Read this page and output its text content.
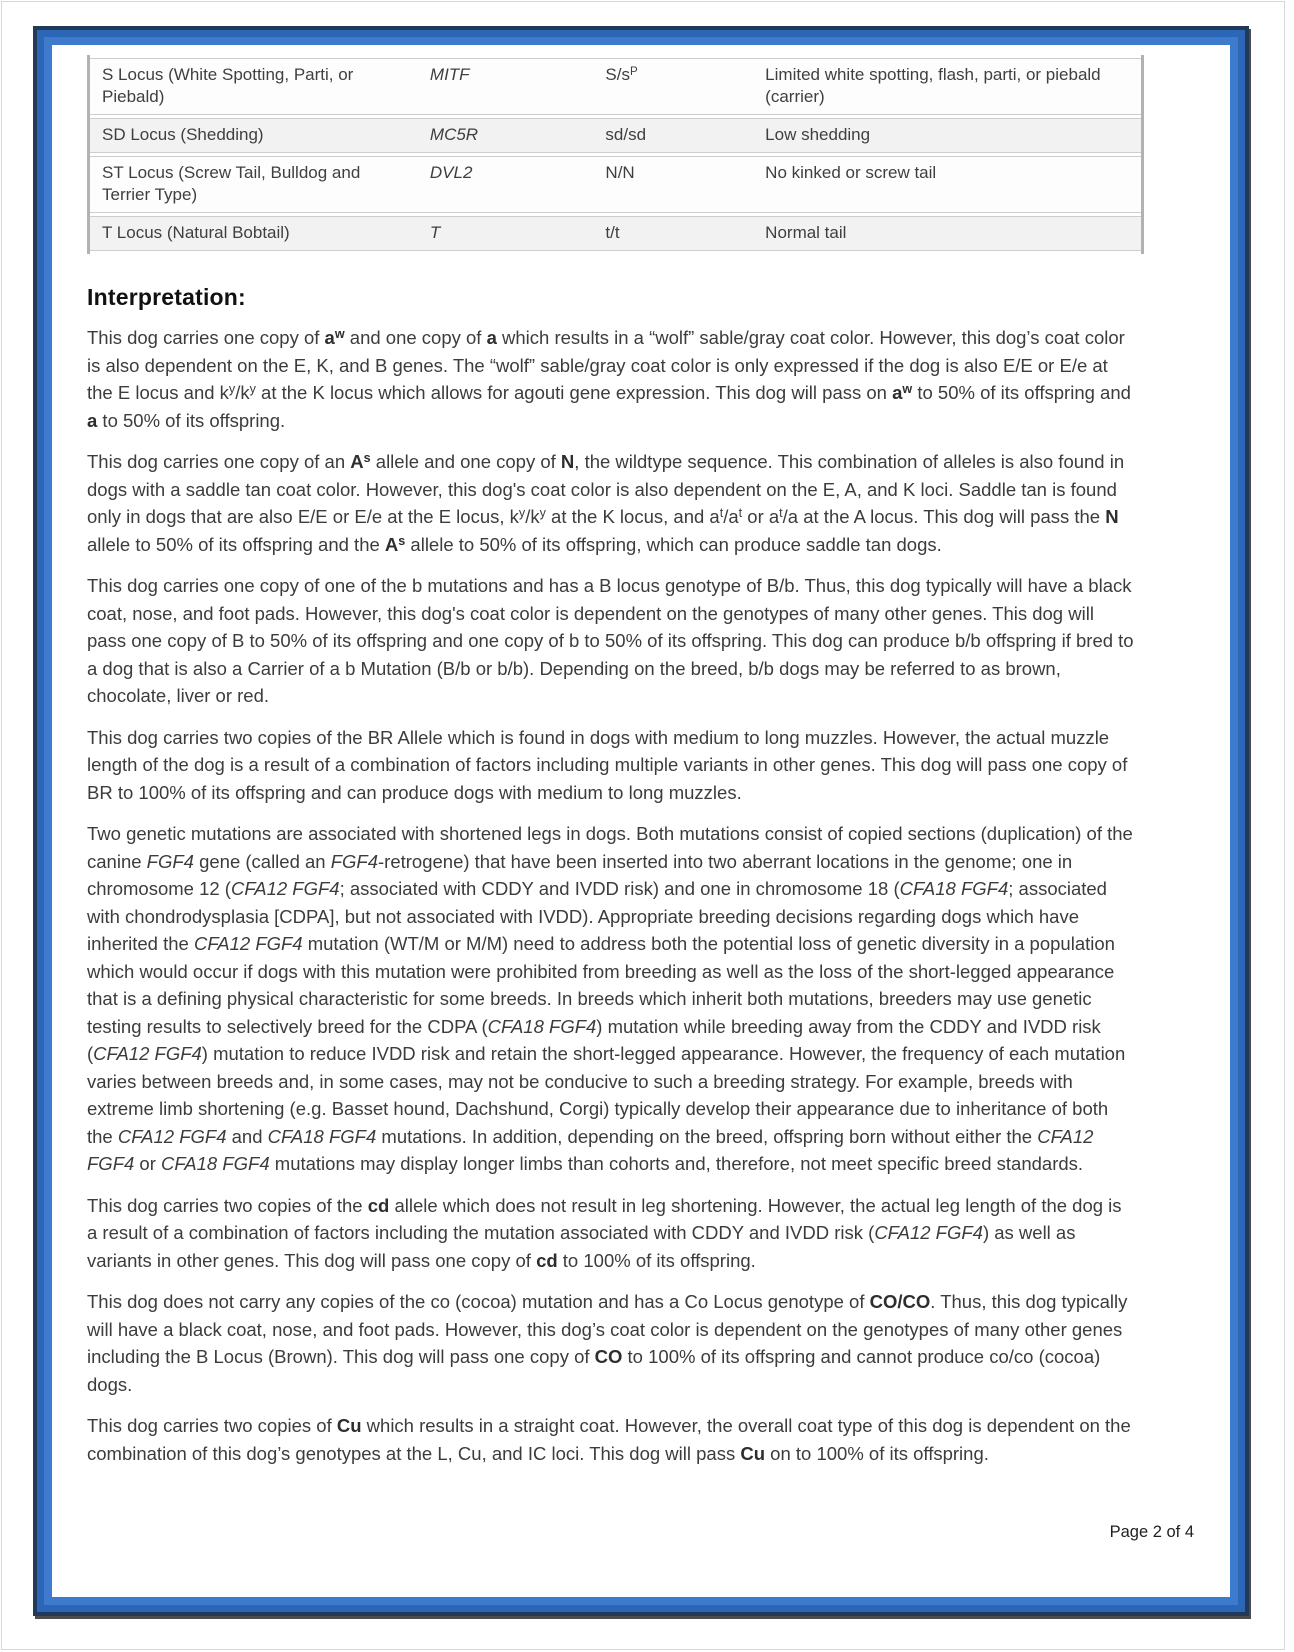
S Locus (White Spotting, Parti, or Piebald)	MITF	$S/s^P$	Limited white spotting, flash, parti, or piebald (carrier)
SD Locus (Shedding)	MC5R	sd/sd	Low shedding
ST Locus (Screw Tail, Bulldog and Terrier Type)	DVL2	N/N	No kinked or screw tail
T Locus (Natural Bobtail)	T	t/t	Normal tail
Interpretation:

This dog carries one copy of $a^w$ and one copy of a which results in a “wolf” sable/gray coat color. However, this dog’s coat color is also dependent on the E, K, and B genes. The “wolf” sable/gray coat color is only expressed if the dog is also E/E or E/e at the E locus and $k^y/k^y$ at the K locus which allows for agouti gene expression. This dog will pass on $a^w$ to 50% of its offspring and a to 50% of its offspring.

This dog carries one copy of an $A^s$ allele and one copy of N, the wildtype sequence. This combination of alleles is also found in dogs with a saddle tan coat color. However, this dog's coat color is also dependent on the E, A, and K loci. Saddle tan is found only in dogs that are also E/E or E/e at the E locus, $k^y/k^y$ at the K locus, and $a^t/a^t$ or $a^t/a$ at the A locus. This dog will pass the N allele to 50% of its offspring and the $A^s$ allele to 50% of its offspring, which can produce saddle tan dogs.

This dog carries one copy of one of the b mutations and has a B locus genotype of B/b. Thus, this dog typically will have a black coat, nose, and foot pads. However, this dog's coat color is dependent on the genotypes of many other genes. This dog will pass one copy of B to 50% of its offspring and one copy of b to 50% of its offspring. This dog can produce b/b offspring if bred to a dog that is also a Carrier of a b Mutation (B/b or b/b). Depending on the breed, b/b dogs may be referred to as brown, chocolate, liver or red.

This dog carries two copies of the BR Allele which is found in dogs with medium to long muzzles. However, the actual muzzle length of the dog is a result of a combination of factors including multiple variants in other genes. This dog will pass one copy of BR to 100% of its offspring and can produce dogs with medium to long muzzles.

Two genetic mutations are associated with shortened legs in dogs. Both mutations consist of copied sections (duplication) of the canine FGF4 gene (called an FGF4-retrogene) that have been inserted into two aberrant locations in the genome; one in chromosome 12 (CFA12 FGF4; associated with CDDY and IVDD risk) and one in chromosome 18 (CFA18 FGF4; associated with chondrodysplasia [CDPA], but not associated with IVDD). Appropriate breeding decisions regarding dogs which have inherited the CFA12 FGF4 mutation (WT/M or M/M) need to address both the potential loss of genetic diversity in a population which would occur if dogs with this mutation were prohibited from breeding as well as the loss of the short-legged appearance that is a defining physical characteristic for some breeds. In breeds which inherit both mutations, breeders may use genetic testing results to selectively breed for the CDPA (CFA18 FGF4) mutation while breeding away from the CDDY and IVDD risk (CFA12 FGF4) mutation to reduce IVDD risk and retain the short-legged appearance. However, the frequency of each mutation varies between breeds and, in some cases, may not be conducive to such a breeding strategy. For example, breeds with extreme limb shortening (e.g. Basset hound, Dachshund, Corgi) typically develop their appearance due to inheritance of both the CFA12 FGF4 and CFA18 FGF4 mutations. In addition, depending on the breed, offspring born without either the CFA12 FGF4 or CFA18 FGF4 mutations may display longer limbs than cohorts and, therefore, not meet specific breed standards.

This dog carries two copies of the cd allele which does not result in leg shortening. However, the actual leg length of the dog is a result of a combination of factors including the mutation associated with CDDY and IVDD risk (CFA12 FGF4) as well as variants in other genes. This dog will pass one copy of cd to 100% of its offspring.

This dog does not carry any copies of the co (cocoa) mutation and has a Co Locus genotype of CO/CO. Thus, this dog typically will have a black coat, nose, and foot pads. However, this dog’s coat color is dependent on the genotypes of many other genes including the B Locus (Brown). This dog will pass one copy of CO to 100% of its offspring and cannot produce co/co (cocoa) dogs.

This dog carries two copies of Cu which results in a straight coat. However, the overall coat type of this dog is dependent on the combination of this dog’s genotypes at the L, Cu, and IC loci. This dog will pass Cu on to 100% of its offspring.

Page 2 of 4
